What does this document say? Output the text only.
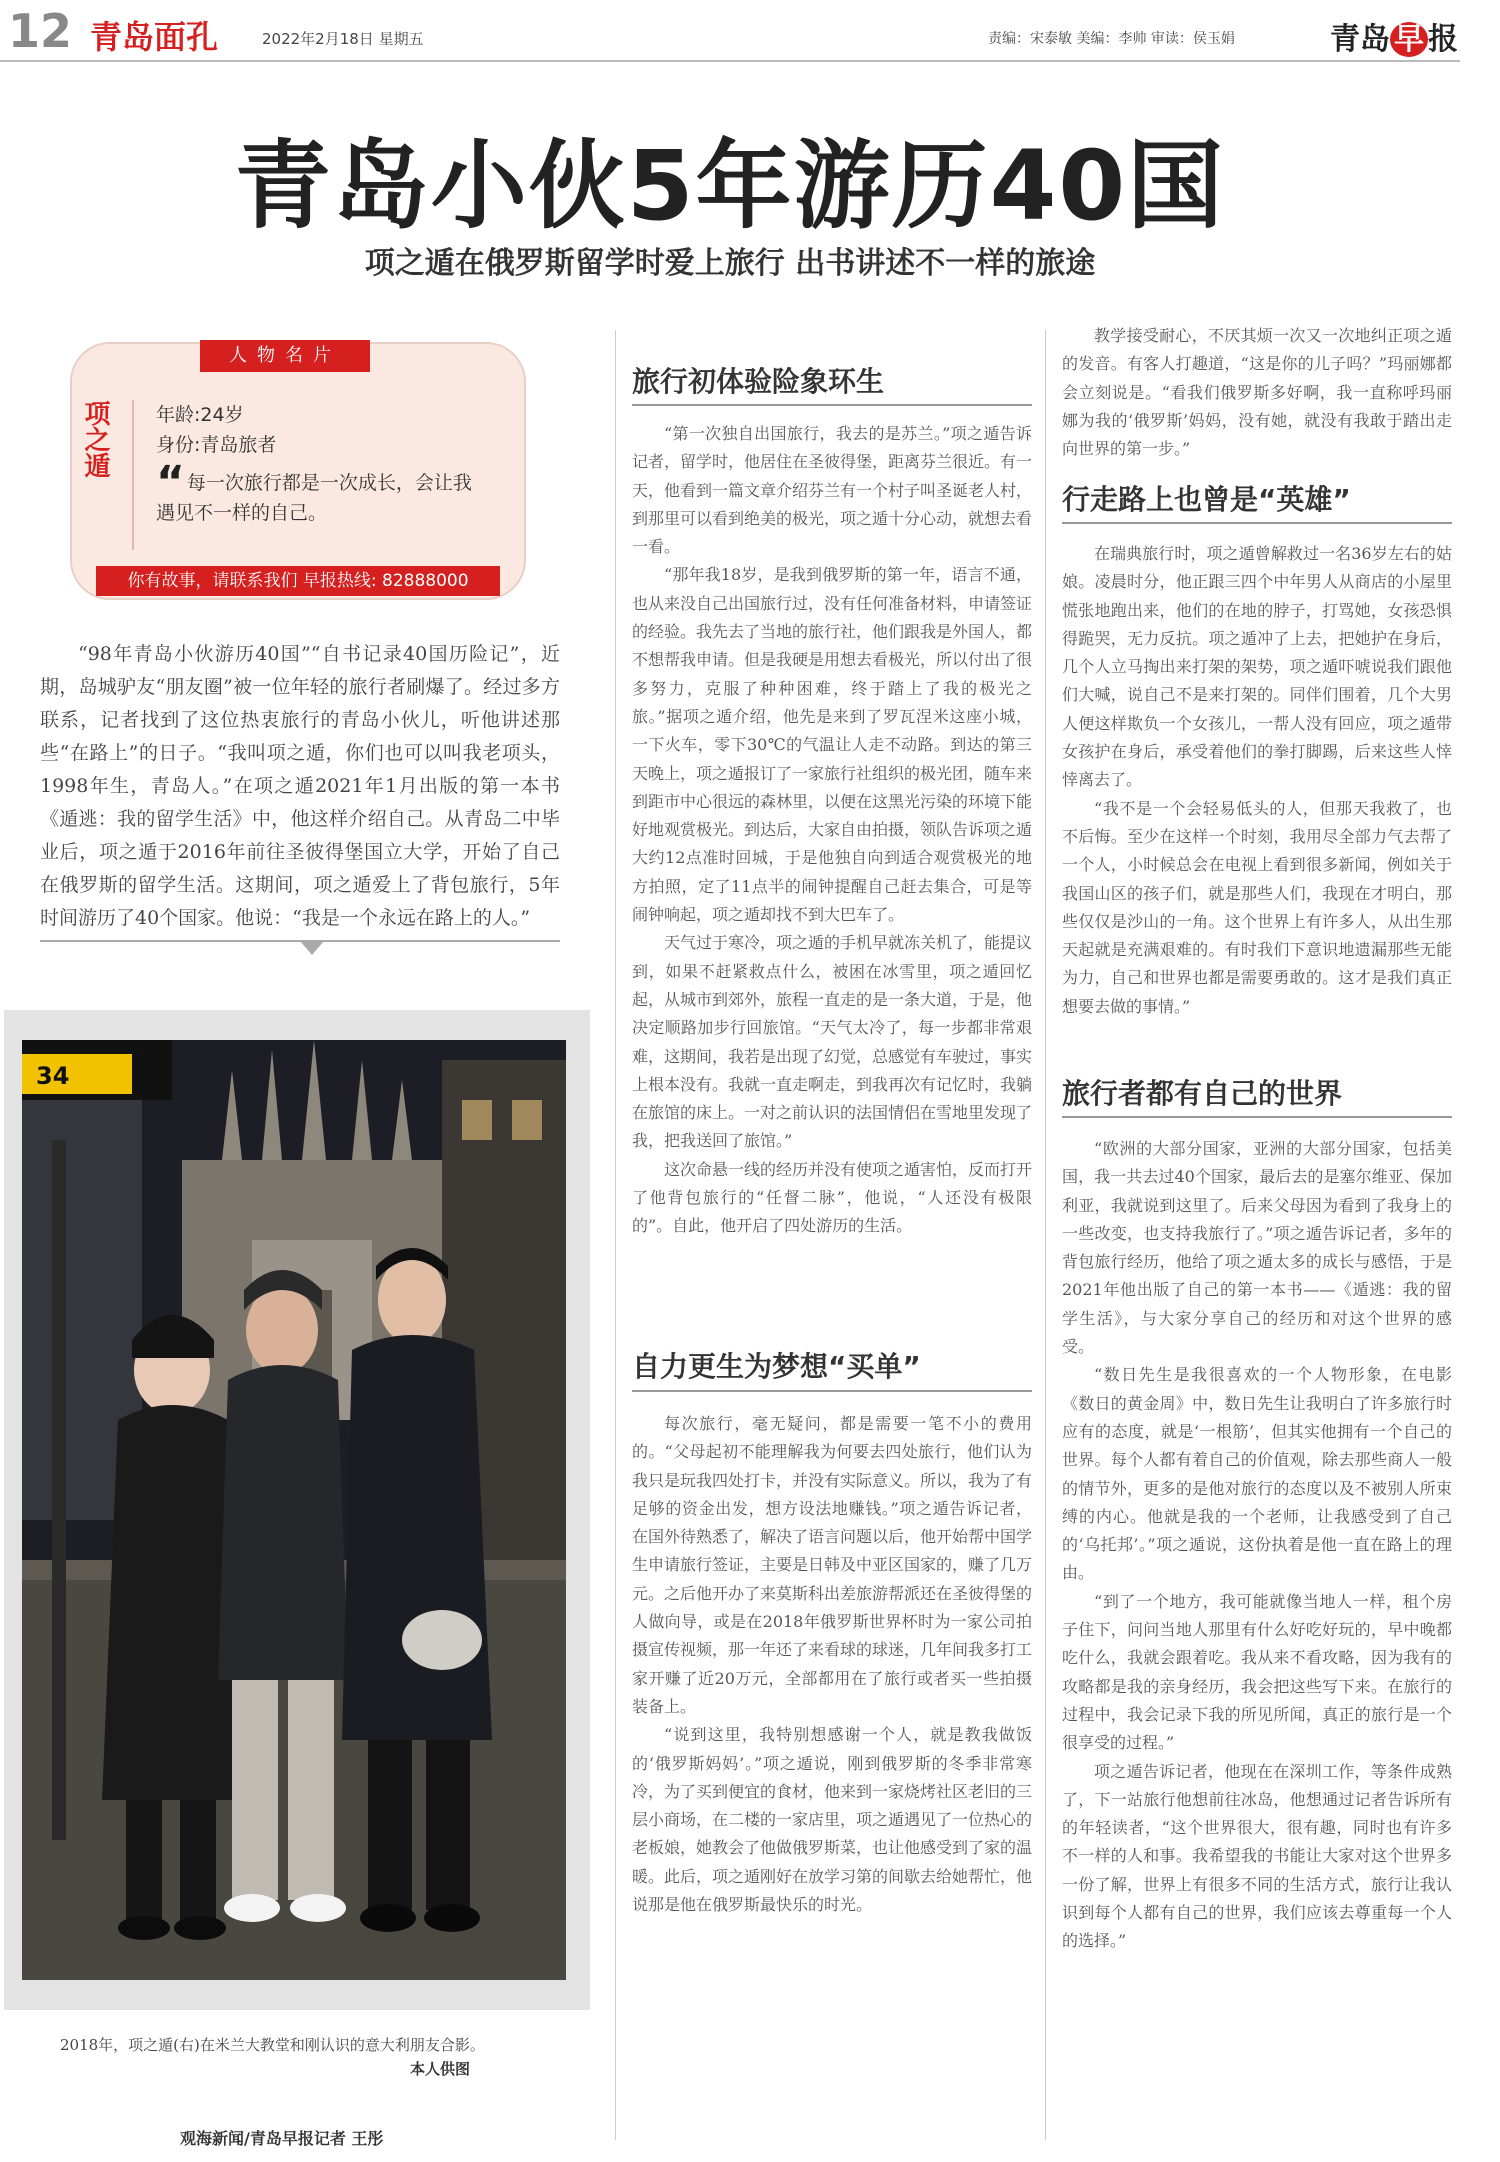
12 青岛面孔	2022年2月18日 星期五	责编：宋泰敏 美编：李帅 审读：侯玉娟	青岛 早 报
青岛小伙5年游历40国
项之遁在俄罗斯留学时爱上旅行 出书讲述不一样的旅途
人物名片
项之遁 年龄:24岁
身份:青岛旅者
“ 每一次旅行都是一次成长，会让我遇见不一样的自己。
你有故事，请联系我们 早报热线: 82888000

“98年青岛小伙游历40国”“自书记录40国历险记”，近期，岛城驴友“朋友圈”被一位年轻的旅行者刷爆了。经过多方联系，记者找到了这位热衷旅行的青岛小伙儿，听他讲述那些“在路上”的日子。“我叫项之遁，你们也可以叫我老项头，1998年生，青岛人。”在项之遁2021年1月出版的第一本书《遁逃：我的留学生活》中，他这样介绍自己。从青岛二中毕业后，项之遁于2016年前往圣彼得堡国立大学，开始了自己在俄罗斯的留学生活。这期间，项之遁爱上了背包旅行，5年时间游历了40个国家。他说：“我是一个永远在路上的人。”

34
2018年，项之遁(右)在米兰大教堂和刚认识的意大利朋友合影。
本人供图
观海新闻/青岛早报记者 王彤
旅行初体验险象环生

“第一次独自出国旅行，我去的是苏兰。”项之遁告诉记者，留学时，他居住在圣彼得堡，距离芬兰很近。有一天，他看到一篇文章介绍芬兰有一个村子叫圣诞老人村，到那里可以看到绝美的极光，项之遁十分心动，就想去看一看。

“那年我18岁，是我到俄罗斯的第一年，语言不通，也从来没自己出国旅行过，没有任何准备材料，申请签证的经验。我先去了当地的旅行社，他们跟我是外国人，都不想帮我申请。但是我硬是用想去看极光，所以付出了很多努力，克服了种种困难，终于踏上了我的极光之旅。”据项之遁介绍，他先是来到了罗瓦涅米这座小城，一下火车，零下30℃的气温让人走不动路。到达的第三天晚上，项之遁报订了一家旅行社组织的极光团，随车来到距市中心很远的森林里，以便在这黑光污染的环境下能好地观赏极光。到达后，大家自由拍摄，领队告诉项之遁大约12点准时回城，于是他独自向到适合观赏极光的地方拍照，定了11点半的闹钟提醒自己赶去集合，可是等闹钟响起，项之遁却找不到大巴车了。

天气过于寒冷，项之遁的手机早就冻关机了，能提议到，如果不赶紧救点什么，被困在冰雪里，项之遁回忆起，从城市到郊外，旅程一直走的是一条大道，于是，他决定顺路加步行回旅馆。“天气太冷了，每一步都非常艰难，这期间，我若是出现了幻觉，总感觉有车驶过，事实上根本没有。我就一直走啊走，到我再次有记忆时，我躺在旅馆的床上。一对之前认识的法国情侣在雪地里发现了我，把我送回了旅馆。”

这次命悬一线的经历并没有使项之遁害怕，反而打开了他背包旅行的“任督二脉”，他说，“人还没有极限的”。自此，他开启了四处游历的生活。

自力更生为梦想“买单”

每次旅行，毫无疑问，都是需要一笔不小的费用的。“父母起初不能理解我为何要去四处旅行，他们认为我只是玩我四处打卡，并没有实际意义。所以，我为了有足够的资金出发，想方设法地赚钱。”项之遁告诉记者，在国外待熟悉了，解决了语言问题以后，他开始帮中国学生申请旅行签证，主要是日韩及中亚区国家的，赚了几万元。之后他开办了来莫斯科出差旅游帮派还在圣彼得堡的人做向导，或是在2018年俄罗斯世界杯时为一家公司拍摄宣传视频，那一年还了来看球的球迷，几年间我多打工家开赚了近20万元，全部都用在了旅行或者买一些拍摄装备上。

“说到这里，我特别想感谢一个人，就是教我做饭的‘俄罗斯妈妈’。”项之遁说，刚到俄罗斯的冬季非常寒冷，为了买到便宜的食材，他来到一家烧烤社区老旧的三层小商场，在二楼的一家店里，项之遁遇见了一位热心的老板娘，她教会了他做俄罗斯菜，也让他感受到了家的温暖。此后，项之遁刚好在放学习第的间歇去给她帮忙，他说那是他在俄罗斯最快乐的时光。

教学接受耐心，不厌其烦一次又一次地纠正项之遁的发音。有客人打趣道，“这是你的儿子吗？”玛丽娜都会立刻说是。“看我们俄罗斯多好啊，我一直称呼玛丽娜为我的‘俄罗斯’妈妈，没有她，就没有我敢于踏出走向世界的第一步。”

行走路上也曾是“英雄”

在瑞典旅行时，项之遁曾解救过一名36岁左右的姑娘。凌晨时分，他正跟三四个中年男人从商店的小屋里慌张地跑出来，他们的在地的脖子，打骂她，女孩恐惧得跪哭，无力反抗。项之遁冲了上去，把她护在身后，几个人立马掏出来打架的架势，项之遁吓唬说我们跟他们大喊，说自己不是来打架的。同伴们围着，几个大男人便这样欺负一个女孩儿，一帮人没有回应，项之遁带女孩护在身后，承受着他们的拳打脚踢，后来这些人悻悻离去了。

“我不是一个会轻易低头的人，但那天我救了，也不后悔。至少在这样一个时刻，我用尽全部力气去帮了一个人，小时候总会在电视上看到很多新闻，例如关于我国山区的孩子们，就是那些人们，我现在才明白，那些仅仅是沙山的一角。这个世界上有许多人，从出生那天起就是充满艰难的。有时我们下意识地遗漏那些无能为力，自己和世界也都是需要勇敢的。这才是我们真正想要去做的事情。”

旅行者都有自己的世界

“欧洲的大部分国家，亚洲的大部分国家，包括美国，我一共去过40个国家，最后去的是塞尔维亚、保加利亚，我就说到这里了。后来父母因为看到了我身上的一些改变，也支持我旅行了。”项之遁告诉记者，多年的背包旅行经历，他给了项之遁太多的成长与感悟，于是2021年他出版了自己的第一本书——《遁逃：我的留学生活》，与大家分享自己的经历和对这个世界的感受。

“数日先生是我很喜欢的一个人物形象，在电影《数日的黄金周》中，数日先生让我明白了许多旅行时应有的态度，就是‘一根筋’，但其实他拥有一个自己的世界。每个人都有着自己的价值观，除去那些商人一般的情节外，更多的是他对旅行的态度以及不被别人所束缚的内心。他就是我的一个老师，让我感受到了自己的‘乌托邦’。”项之遁说，这份执着是他一直在路上的理由。

“到了一个地方，我可能就像当地人一样，租个房子住下，问问当地人那里有什么好吃好玩的，早中晚都吃什么，我就会跟着吃。我从来不看攻略，因为我有的攻略都是我的亲身经历，我会把这些写下来。在旅行的过程中，我会记录下我的所见所闻，真正的旅行是一个很享受的过程。”

项之遁告诉记者，他现在在深圳工作，等条件成熟了，下一站旅行他想前往冰岛，他想通过记者告诉所有的年轻读者，“这个世界很大，很有趣，同时也有许多不一样的人和事。我希望我的书能让大家对这个世界多一份了解，世界上有很多不同的生活方式，旅行让我认识到每个人都有自己的世界，我们应该去尊重每一个人的选择。”
